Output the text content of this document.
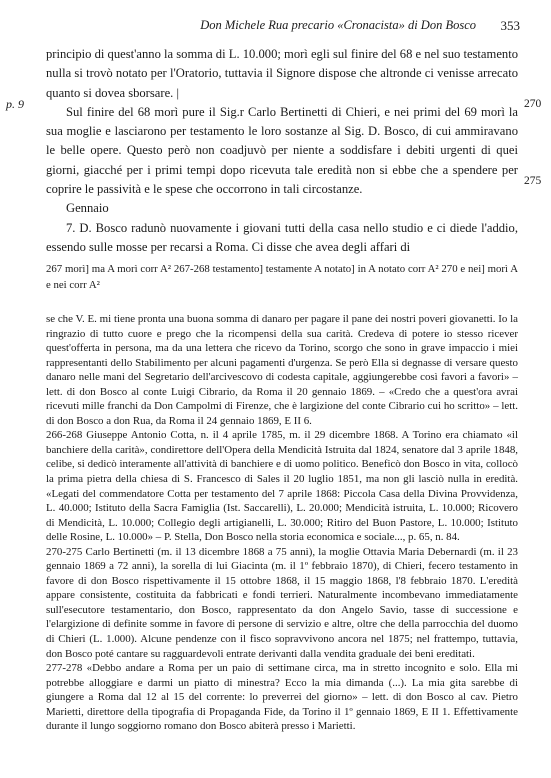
Don Michele Rua precario «Cronacista» di Don Bosco 353
p. 9	270
275

principio di quest'anno la somma di L. 10.000; morì egli sul finire del 68 e nel suo testamento nulla si trovò notato per l'Oratorio, tuttavia il Signore dispose che altronde ci venisse arrecato quanto si dovea sborsare. |

Sul finire del 68 morì pure il Sig.r Carlo Bertinetti di Chieri, e nei primi del 69 morì la sua moglie e lasciarono per testamento le loro sostanze al Sig. D. Bosco, di cui ammiravano le belle opere. Questo però non coadjuvò per niente a soddisfare i debiti urgenti di quei giorni, giacché per i primi tempi dopo ricevuta tale eredità non si ebbe che a spendere per coprire le passività e le spese che occorrono in tali circostanze.

Gennaio

7. D. Bosco radunò nuovamente i giovani tutti della casa nello studio e ci diede l'addio, essendo sulle mosse per recarsi a Roma. Ci disse che avea degli affari di

267 morì] ma A morì corr A² 267-268 testamento] testamente A notato] in A notato corr A² 270 e nei] morì A e nei corr A²

se che V. E. mi tiene pronta una buona somma di danaro per pagare il pane dei nostri poveri giovanetti. Io la ringrazio di tutto cuore e prego che la ricompensi della sua carità. Credeva di potere io stesso ricever quest'offerta in persona, ma da una lettera che ricevo da Torino, scorgo che sono in grave impaccio i miei rappresentanti dello Stabilimento per alcuni pagamenti d'urgenza. Se però Ella si degnasse di versare questo danaro nelle mani del Segretario dell'arcivescovo di codesta capitale, aggiungerebbe così favori a favori» – lett. di don Bosco al conte Luigi Cibrario, da Roma il 20 gennaio 1869. – «Credo che a quest'ora avrai ricevuti mille franchi da Don Campolmi di Firenze, che è largizione del conte Cibrario cui ho scritto» – lett. di don Bosco a don Rua, da Roma il 24 gennaio 1869, E II 6.

266-268 Giuseppe Antonio Cotta, n. il 4 aprile 1785, m. il 29 dicembre 1868. A Torino era chiamato «il banchiere della carità», condirettore dell'Opera della Mendicità Istruita dal 1824, senatore dal 3 aprile 1848, celibe, si dedicò interamente all'attività di banchiere e di uomo politico. Beneficò don Bosco in vita, collocò la prima pietra della chiesa di S. Francesco di Sales il 20 luglio 1851, ma non gli lasciò nulla in eredità. «Legati del commendatore Cotta per testamento del 7 aprile 1868: Piccola Casa della Divina Provvidenza, L. 40.000; Istituto della Sacra Famiglia (Ist. Saccarelli), L. 20.000; Mendicità istruita, L. 10.000; Ricovero di Mendicità, L. 10.000; Collegio degli artigianelli, L. 30.000; Ritiro del Buon Pastore, L. 10.000; Istituto delle Rosine, L. 10.000» – P. Stella, Don Bosco nella storia economica e sociale..., p. 65, n. 84.

270-275 Carlo Bertinetti (m. il 13 dicembre 1868 a 75 anni), la moglie Ottavia Maria Debernardi (m. il 23 gennaio 1869 a 72 anni), la sorella di lui Giacinta (m. il 1º febbraio 1870), di Chieri, fecero testamento in favore di don Bosco rispettivamente il 15 ottobre 1868, il 15 maggio 1868, l'8 febbraio 1870. L'eredità appare consistente, costituita da fabbricati e fondi terrieri. Naturalmente incombevano immediatamente sull'esecutore testamentario, don Bosco, rappresentato da don Angelo Savio, tasse di successione e l'elargizione di definite somme in favore di persone di servizio e altre, oltre che della parrocchia del duomo di Chieri (L. 1.000). Alcune pendenze con il fisco sopravvivono ancora nel 1875; nel frattempo, tuttavia, don Bosco poté cantare su ragguardevoli entrate derivanti dalla vendita graduale dei beni ereditati.

277-278 «Debbo andare a Roma per un paio di settimane circa, ma in stretto incognito e solo. Ella mi potrebbe alloggiare e darmi un piatto di minestra? Ecco la mia dimanda (...). La mia gita sarebbe di giungere a Roma dal 12 al 15 del corrente: lo preverrei del giorno» – lett. di don Bosco al cav. Pietro Marietti, direttore della tipografia di Propaganda Fide, da Torino il 1º gennaio 1869, E II 1. Effettivamente durante il lungo soggiorno romano don Bosco abiterà presso i Marietti.
